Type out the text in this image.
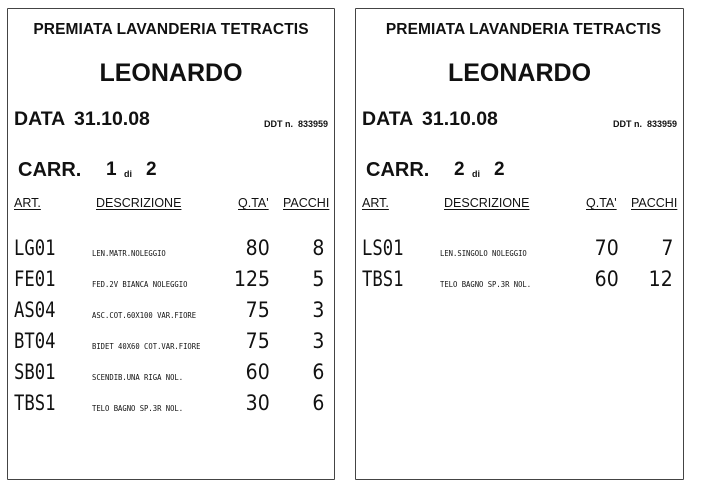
PREMIATA LAVANDERIA TETRACTIS
LEONARDO
DATA 31.10.08	DDT n. 833959
CARR. 1 di 2
ART.	DESCRIZIONE	Q.TA' PACCHI
LG01	LEN.MATR.NOLEGGIO	80 8
FE01	FED.2V BIANCA NOLEGGIO 125 5
AS04	ASC.COT.60X100 VAR.FIORE 75 3
BT04	BIDET 40X60 COT.VAR.FIORE 75 3
SB01	SCENDIB.UNA RIGA NOL.	60 6
TBS1	TELO BAGNO SP.3R NOL.	30 6
PREMIATA LAVANDERIA TETRACTIS
LEONARDO
DATA 31.10.08	DDT n. 833959
CARR. 2 di 2
ART.	DESCRIZIONE	Q.TA' PACCHI
LS01	LEN.SINGOLO NOLEGGIO	70 7
TBS1	TELO BAGNO SP.3R NOL.	60 12
